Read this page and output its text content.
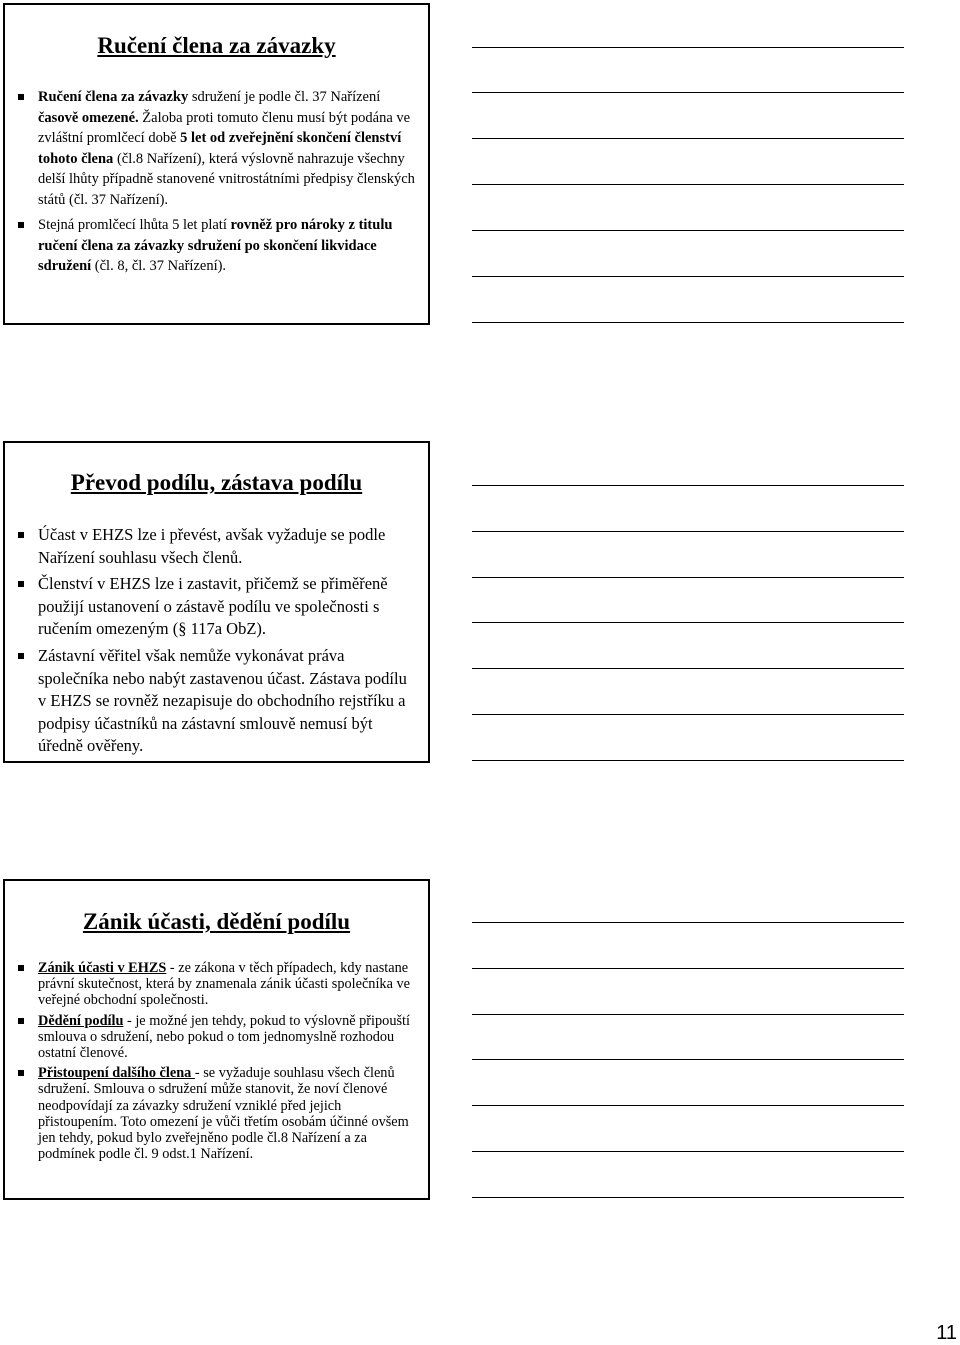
Ručení člena za závazky
Ručení člena za závazky sdružení je podle čl. 37 Nařízení časově omezené. Žaloba proti tomuto členu musí být podána ve zvláštní promlčecí době 5 let od zveřejnění skončení členství tohoto člena (čl.8 Nařízení), která výslovně nahrazuje všechny delší lhůty případně stanovené vnitrostátními předpisy členských států (čl. 37 Nařízení).
Stejná promlčecí lhůta 5 let platí rovněž pro nároky z titulu ručení člena za závazky sdružení po skončení likvidace sdružení (čl. 8, čl. 37 Nařízení).
Převod podílu, zástava podílu
Účast v EHZS lze i převést, avšak vyžaduje se podle Nařízení souhlasu všech členů.
Členství v EHZS lze i zastavit, přičemž se přiměřeně použijí ustanovení o zástavě podílu ve společnosti s ručením omezeným (§ 117a ObZ).
Zástavní věřitel však nemůže vykonávat práva společníka nebo nabýt zastavenou účast. Zástava podílu v EHZS se rovněž nezapisuje do obchodního rejstříku a podpisy účastníků na zástavní smlouvě nemusí být úředně ověřeny.
Zánik účasti, dědění podílu
Zánik účasti v EHZS - ze zákona v těch případech, kdy nastane právní skutečnost, která by znamenala zánik účasti společníka ve veřejné obchodní společnosti.
Dědění podílu - je možné jen tehdy, pokud to výslovně připouští smlouva o sdružení, nebo pokud o tom jednomyslně rozhodou ostatní členové.
Přistoupení dalšího člena - se vyžaduje souhlasu všech členů sdružení. Smlouva o sdružení může stanovit, že noví členové neodpovídají za závazky sdružení vzniklé před jejich přistoupením. Toto omezení je vůči třetím osobám účinné ovšem jen tehdy, pokud bylo zveřejněno podle čl.8 Nařízení a za podmínek podle čl. 9 odst.1 Nařízení.
11
